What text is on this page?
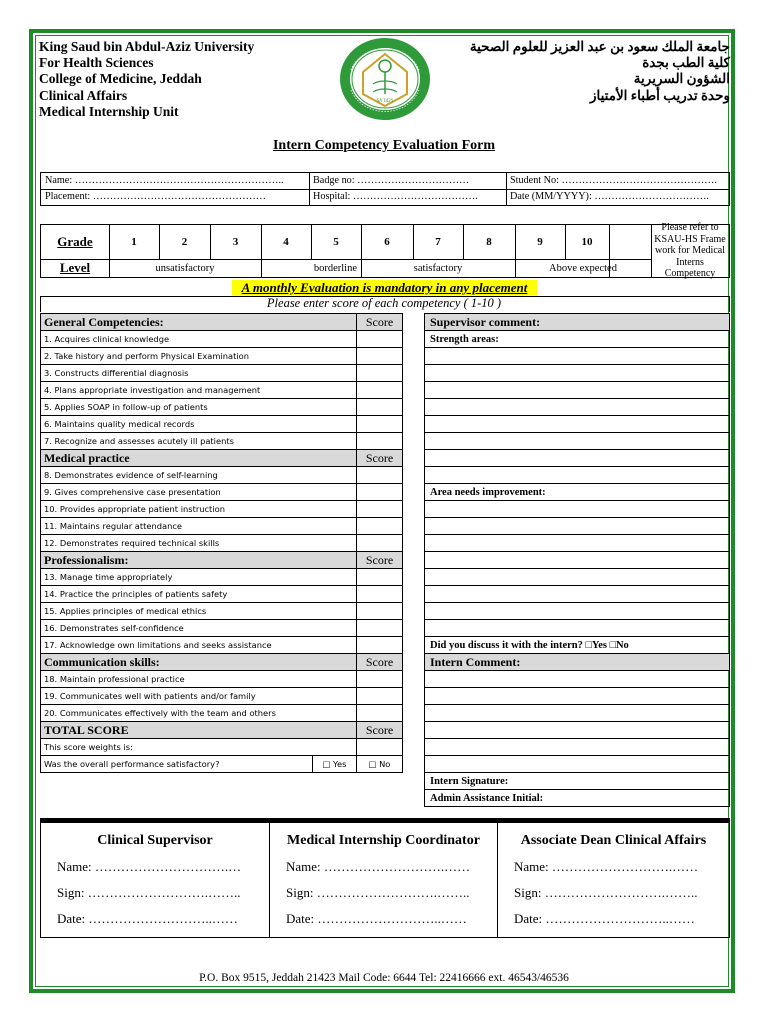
King Saud bin Abdul-Aziz University
For Health Sciences
College of Medicine, Jeddah
Clinical Affairs
Medical Internship Unit
SA 1425
جامعة الملك سعود بن عبد العزيز للعلوم الصحية
كلية الطب بجدة
الشؤون السريرية
وحدة تدريب أطباء الأمتياز
Intern Competency Evaluation Form
Name: ……………………………………………………..	Badge no: ……………………………	Student No: ……………………………………….
Placement: ……………………………………………	Hospital: ……………………………….	Date (MM/YYYY): …………………………….
Grade	1	2	3	4	5	6	7	8	9	10
Level	unsatisfactory	borderline	satisfactory	Above expected
Please refer to KSAU-HS Frame work for Medical Interns Competency
A monthly Evaluation is mandatory in any placement
Please enter score of each competency ( 1-10 )
General Competencies:		Score
1. Acquires clinical knowledge		
2. Take history and perform Physical Examination		
3. Constructs differential diagnosis		
4. Plans appropriate investigation and management		
5. Applies SOAP in follow-up of patients		
6. Maintains quality medical records		
7. Recognize and assesses acutely ill patients		
Medical practice		Score
8. Demonstrates evidence of self-learning		
9. Gives comprehensive case presentation		
10. Provides appropriate patient instruction		
11. Maintains regular attendance		
12. Demonstrates required technical skills		
Professionalism:		Score
13. Manage time appropriately		
14. Practice the principles of patients safety		
15. Applies principles of medical ethics		
16. Demonstrates self-confidence		
17. Acknowledge own limitations and seeks assistance		
Communication skills:		Score
18. Maintain professional practice		
19. Communicates well with patients and/or family		
20. Communicates effectively with the team and others		
TOTAL SCORE		Score
This score weights is:		
Was the overall performance satisfactory?	□ Yes	□ No
Supervisor comment:
Strength areas:

Area needs improvement:

Did you discuss it with the intern? □Yes □No
Intern Comment:

Intern Signature:
Admin Assistance Initial:
Clinical Supervisor
Name: ………………………….…
Sign: ……………………….……..
Date: ………………………..……
Medical Internship Coordinator
Name: ……………………….……
Sign: ……………………….……..
Date: ………………………..……
Associate Dean Clinical Affairs
Name: ……………………….……
Sign: ……………………….……..
Date: ………………………..……
P.O. Box 9515, Jeddah 21423 Mail Code: 6644 Tel: 22416666 ext. 46543/46536
